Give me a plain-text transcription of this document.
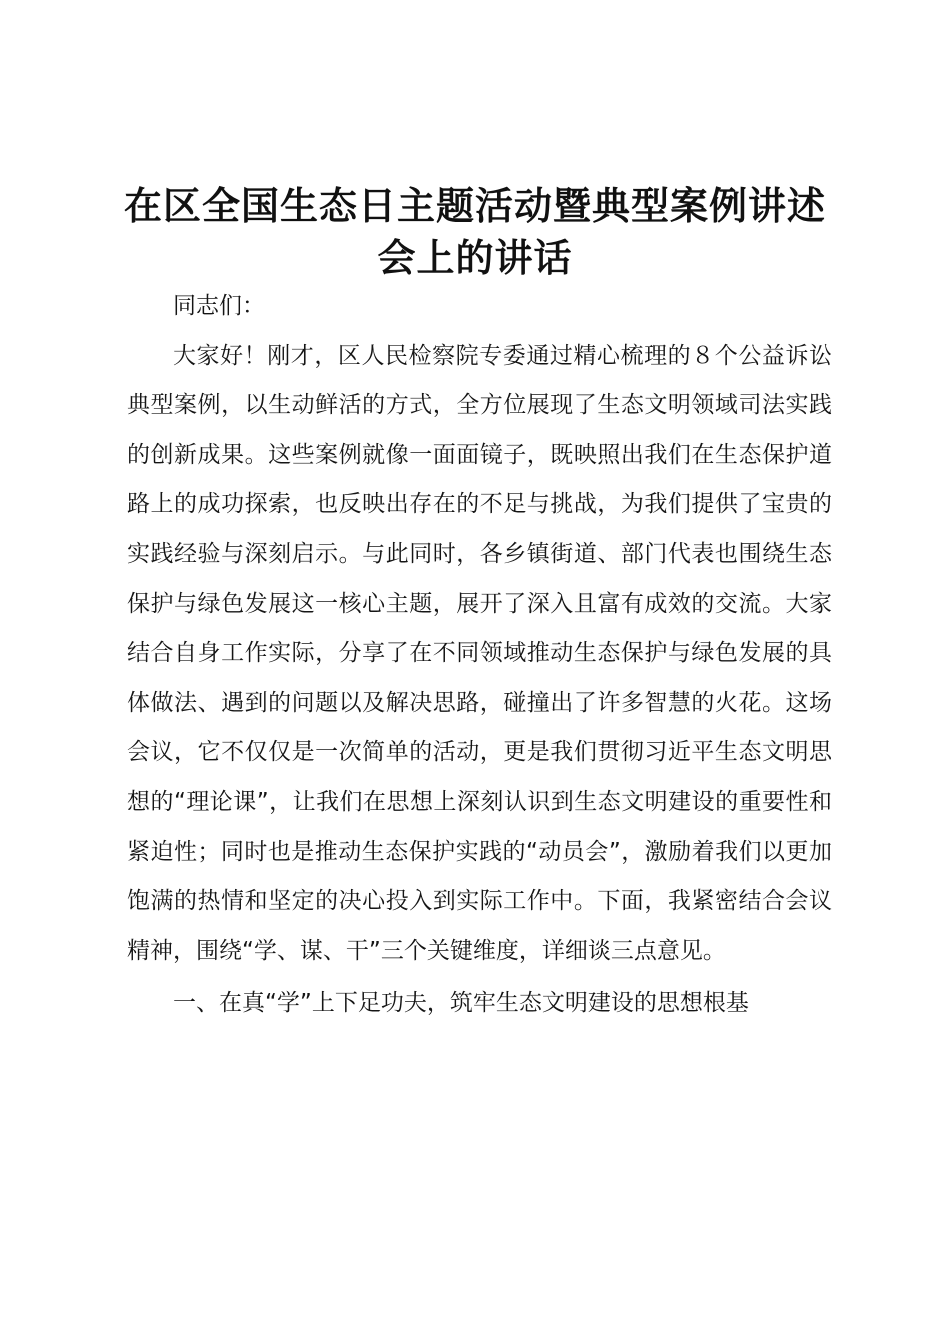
在区全国生态日主题活动暨典型案例讲述会上的讲话

同志们：

大家好！刚才，区人民检察院专委通过精心梳理的８个公益诉讼典型案例，以生动鲜活的方式，全方位展现了生态文明领域司法实践的创新成果。这些案例就像一面面镜子，既映照出我们在生态保护道路上的成功探索，也反映出存在的不足与挑战，为我们提供了宝贵的实践经验与深刻启示。与此同时，各乡镇街道、部门代表也围绕生态保护与绿色发展这一核心主题，展开了深入且富有成效的交流。大家结合自身工作实际，分享了在不同领域推动生态保护与绿色发展的具体做法、遇到的问题以及解决思路，碰撞出了许多智慧的火花。这场会议，它不仅仅是一次简单的活动，更是我们贯彻习近平生态文明思想的“理论课”，让我们在思想上深刻认识到生态文明建设的重要性和紧迫性；同时也是推动生态保护实践的“动员会”，激励着我们以更加饱满的热情和坚定的决心投入到实际工作中。下面，我紧密结合会议精神，围绕“学、谋、干”三个关键维度，详细谈三点意见。

一、在真“学”上下足功夫，筑牢生态文明建设的思想根基
